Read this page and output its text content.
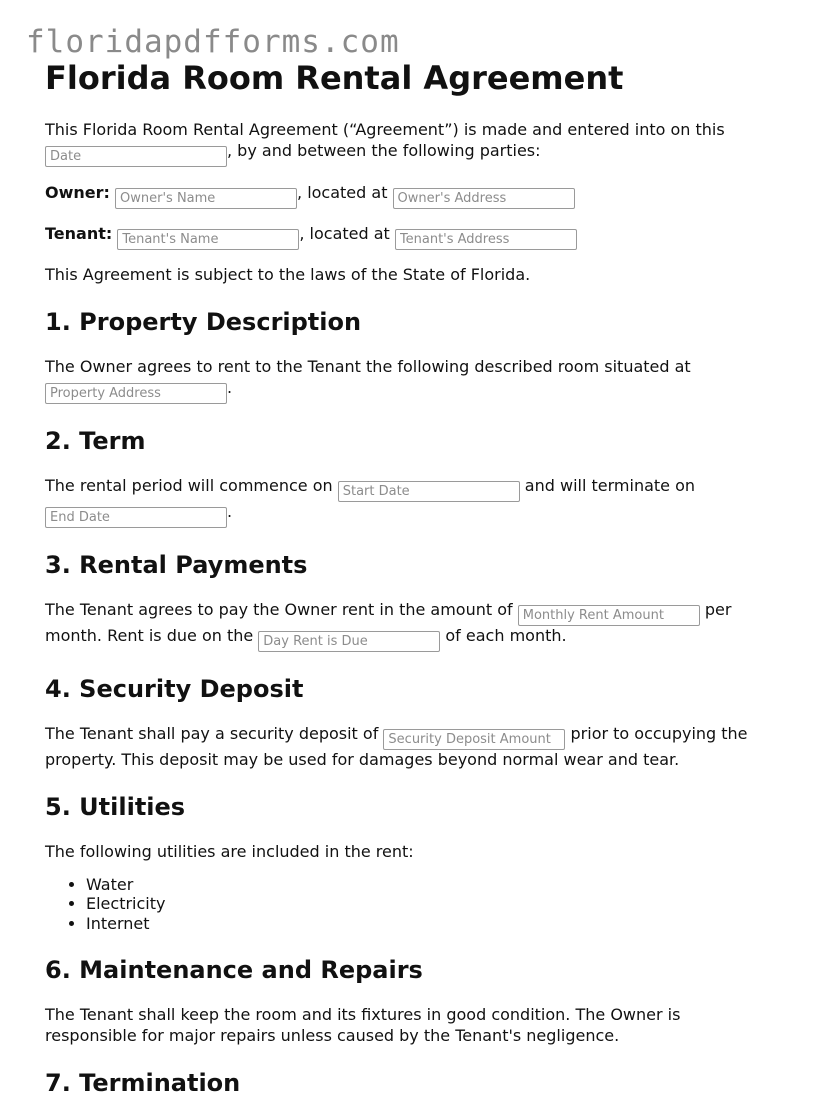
floridapdfforms.com
Florida Room Rental Agreement

This Florida Room Rental Agreement (“Agreement”) is made and entered into on this Date, by and between the following parties:

Owner: Owner's Name	, located at Owner's Address

Tenant: Tenant's Name	, located at Tenant's Address

This Agreement is subject to the laws of the State of Florida.

1. Property Description

The Owner agrees to rent to the Tenant the following described room situated at Property Address.

2. Term

The rental period will commence on Start Date	and will terminate on End Date.

3. Rental Payments

The Tenant agrees to pay the Owner rent in the amount of Monthly Rent Amount	per month. Rent is due on the Day Rent is Due	of each month.

4. Security Deposit

The Tenant shall pay a security deposit of Security Deposit Amount	prior to occupying the property. This deposit may be used for damages beyond normal wear and tear.

5. Utilities

The following utilities are included in the rent:

• Water
• Electricity
• Internet
6. Maintenance and Repairs

The Tenant shall keep the room and its fixtures in good condition. The Owner is responsible for major repairs unless caused by the Tenant's negligence.

7. Termination
